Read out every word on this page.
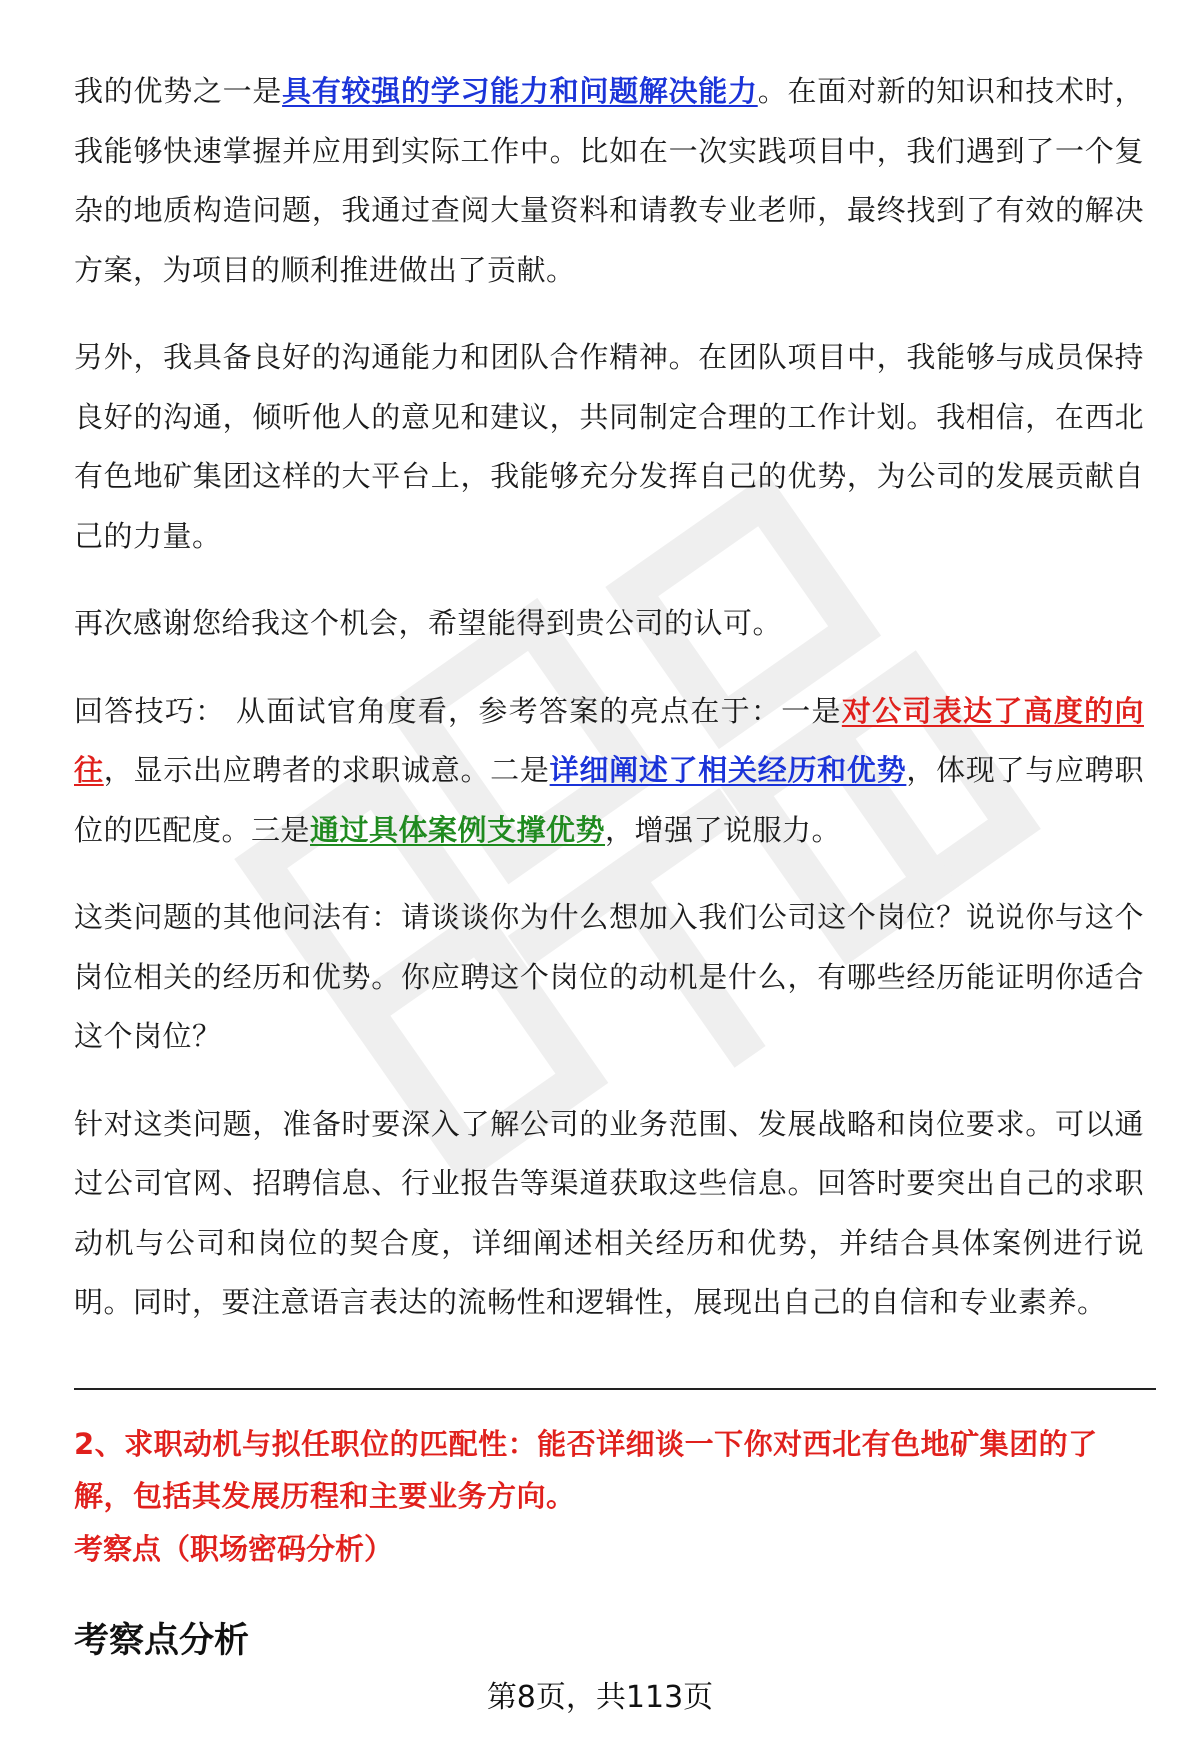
我的优势之一是具有较强的学习能力和问题解决能力。在面对新的知识和技术时，我能够快速掌握并应用到实际工作中。比如在一次实践项目中，我们遇到了一个复杂的地质构造问题，我通过查阅大量资料和请教专业老师，最终找到了有效的解决方案，为项目的顺利推进做出了贡献。

另外，我具备良好的沟通能力和团队合作精神。在团队项目中，我能够与成员保持良好的沟通，倾听他人的意见和建议，共同制定合理的工作计划。我相信，在西北有色地矿集团这样的大平台上，我能够充分发挥自己的优势，为公司的发展贡献自己的力量。

再次感谢您给我这个机会，希望能得到贵公司的认可。

回答技巧： 从面试官角度看，参考答案的亮点在于：一是对公司表达了高度的向往，显示出应聘者的求职诚意。二是详细阐述了相关经历和优势，体现了与应聘职位的匹配度。三是通过具体案例支撑优势，增强了说服力。

这类问题的其他问法有：请谈谈你为什么想加入我们公司这个岗位？说说你与这个岗位相关的经历和优势。你应聘这个岗位的动机是什么，有哪些经历能证明你适合这个岗位？

针对这类问题，准备时要深入了解公司的业务范围、发展战略和岗位要求。可以通过公司官网、招聘信息、行业报告等渠道获取这些信息。回答时要突出自己的求职动机与公司和岗位的契合度，详细阐述相关经历和优势，并结合具体案例进行说明。同时，要注意语言表达的流畅性和逻辑性，展现出自己的自信和专业素养。

2、求职动机与拟任职位的匹配性：能否详细谈一下你对西北有色地矿集团的了解，包括其发展历程和主要业务方向。
考察点（职场密码分析）
考察点分析
第8页，共113页
